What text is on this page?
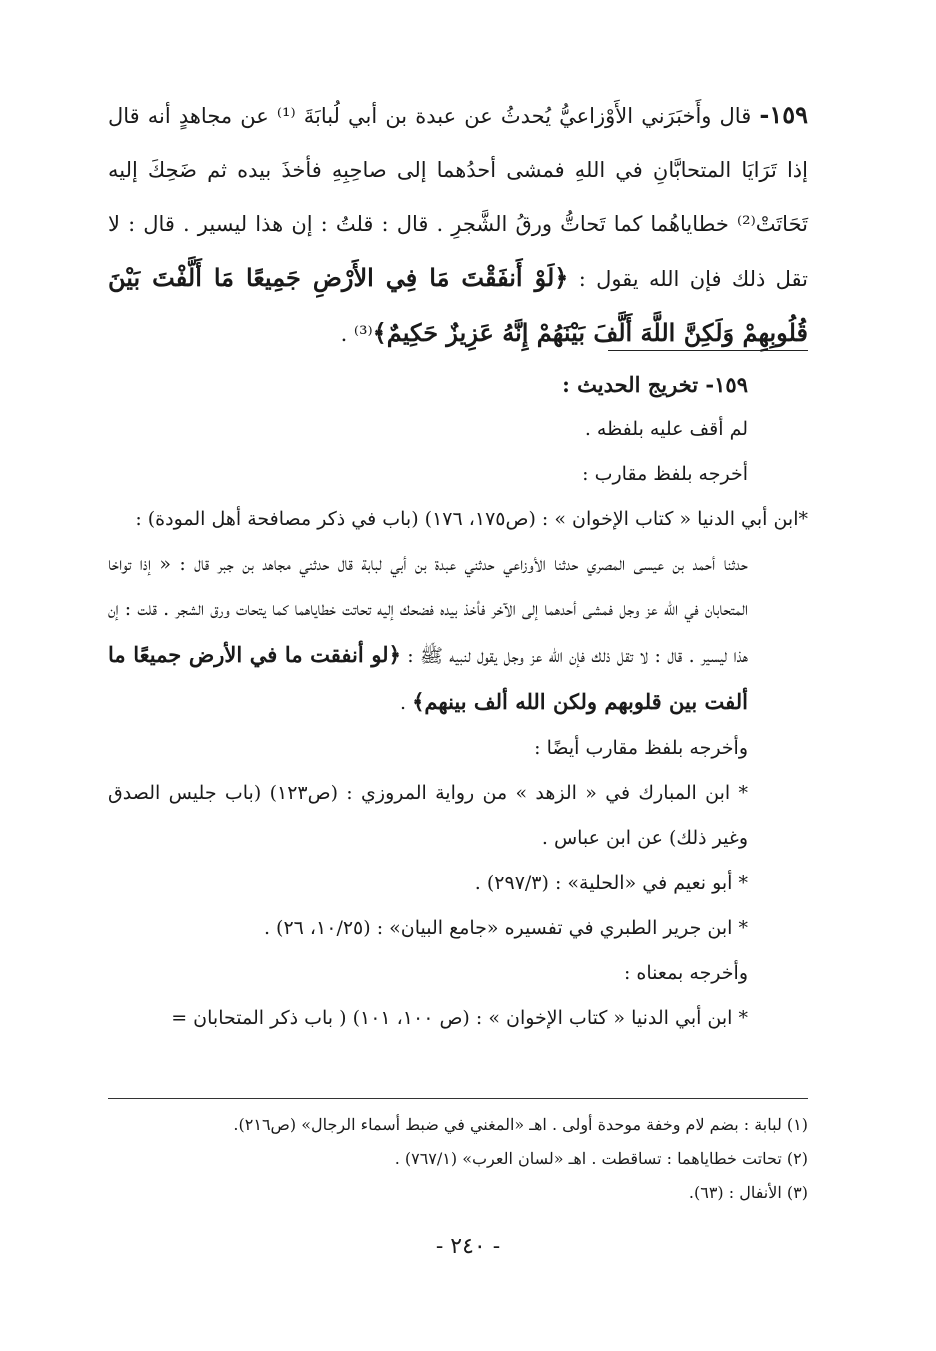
١٥٩- قال وأَخبَرَني الأَوْزاعيُّ يُحدثُ عن عبدة بن أبي لُبابَةَ ⁽¹⁾ عن مجاهدٍ أنه قال إذا تَرَايَا المتحابَّانِ في اللهِ فمشى أحدُهما إلى صاحِبِهِ فأخذَ بيده ثم ضَحِكَ إليه تَحَاتَتْ⁽²⁾ خطاياهُما كما تَحاتُّ ورقُ الشَّجرِ . قال : قلتُ : إن هذا ليسير . قال : لا تقل ذلك فإن الله يقول : ﴿لَوْ أَنفَقْتَ مَا فِي الأَرْضِ جَمِيعًا مَا أَلَّفْتَ بَيْنَ قُلُوبِهِمْ وَلَكِنَّ اللَّهَ أَلَّفَ بَيْنَهُمْ إِنَّهُ عَزِيزٌ حَكِيمٌ﴾⁽³⁾ .

١٥٩- تخريج الحديث :

لم أقف عليه بلفظه .

أخرجه بلفظ مقارب :

*ابن أبي الدنيا « كتاب الإخوان » : (ص١٧٥، ١٧٦) (باب في ذكر مصافحة أهل المودة) :

حدثنا أحمد بن عيسى المصري حدثنا الأوزاعي حدثني عبدة بن أبي لبابة قال حدثني مجاهد بن جبر قال : « إذا تواخا المتحابان في الله عز وجل فمشى أحدهما إلى الآخر فأخذ بيده فضحك إليه تحاتت خطاياهما كما يتحات ورق الشجر . قلت : إن هذا ليسير . قال : لا تقل ذلك فإن الله عز وجل يقول لنبيه ﷺ : ﴿لو أنفقت ما في الأرض جميعًا ما ألفت بين قلوبهم ولكن الله ألف بينهم﴾ .

وأخرجه بلفظ مقارب أيضًا :

* ابن المبارك في « الزهد » من رواية المروزي : (ص١٢٣) (باب جليس الصدق وغير ذلك) عن ابن عباس .

* أبو نعيم في «الحلية» : (٢٩٧/٣) .

* ابن جرير الطبري في تفسيره «جامع البيان» : (١٠/٢٥، ٢٦) .

وأخرجه بمعناه :

* ابن أبي الدنيا « كتاب الإخوان » : (ص ١٠٠، ١٠١) ( باب ذكر المتحابان =

(١) لبابة : بضم لام وخفة موحدة أولى . اهـ «المغني في ضبط أسماء الرجال» (ص٢١٦).

(٢) تحاتت خطاياهما : تساقطت . اهـ «لسان العرب» (٧٦٧/١) .

(٣) الأنفال : (٦٣).

- ٢٤٠ -
